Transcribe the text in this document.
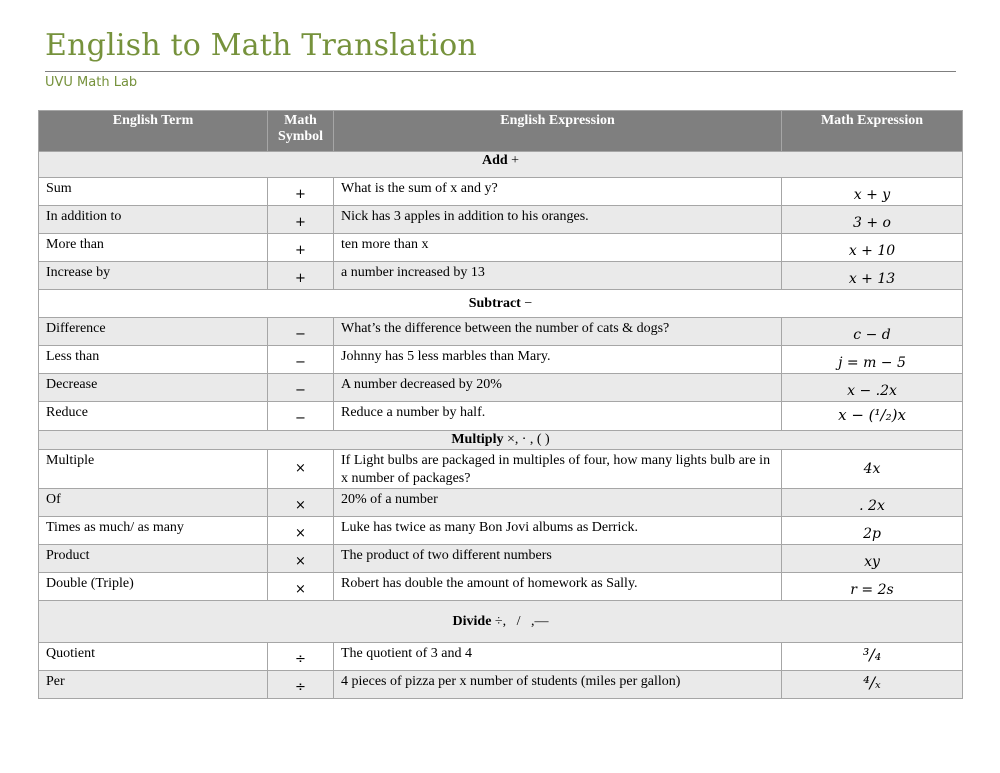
English to Math Translation
UVU Math Lab
English Term	Math Symbol	English Expression	Math Expression
Add +			
Sum	+	What is the sum of x and y?	x + y
In addition to	+	Nick has 3 apples in addition to his oranges.	3 + o
More than	+	ten more than x	x + 10
Increase by	+	a number increased by 13	x + 13
Subtract −			
Difference	−	What’s the difference between the number of cats & dogs?	c − d
Less than	−	Johnny has 5 less marbles than Mary.	j = m − 5
Decrease	−	A number decreased by 20%	x − .2x
Reduce	−	Reduce a number by half.	x − (¹/₂)x
Multiply ×, ⋅ , ( )			
Multiple	×	If Light bulbs are packaged in multiples of four, how many lights bulb are in x number of packages?	4x
Of	×	20% of a number	. 2x
Times as much/ as many	×	Luke has twice as many Bon Jovi albums as Derrick.	2p
Product	×	The product of two different numbers	xy
Double (Triple)	×	Robert has double the amount of homework as Sally.	r = 2s
Divide ÷,   /   ,—			
Quotient	÷	The quotient of 3 and 4	³/₄
Per	÷	4 pieces of pizza per x number of students (miles per gallon)	⁴/ₓ
